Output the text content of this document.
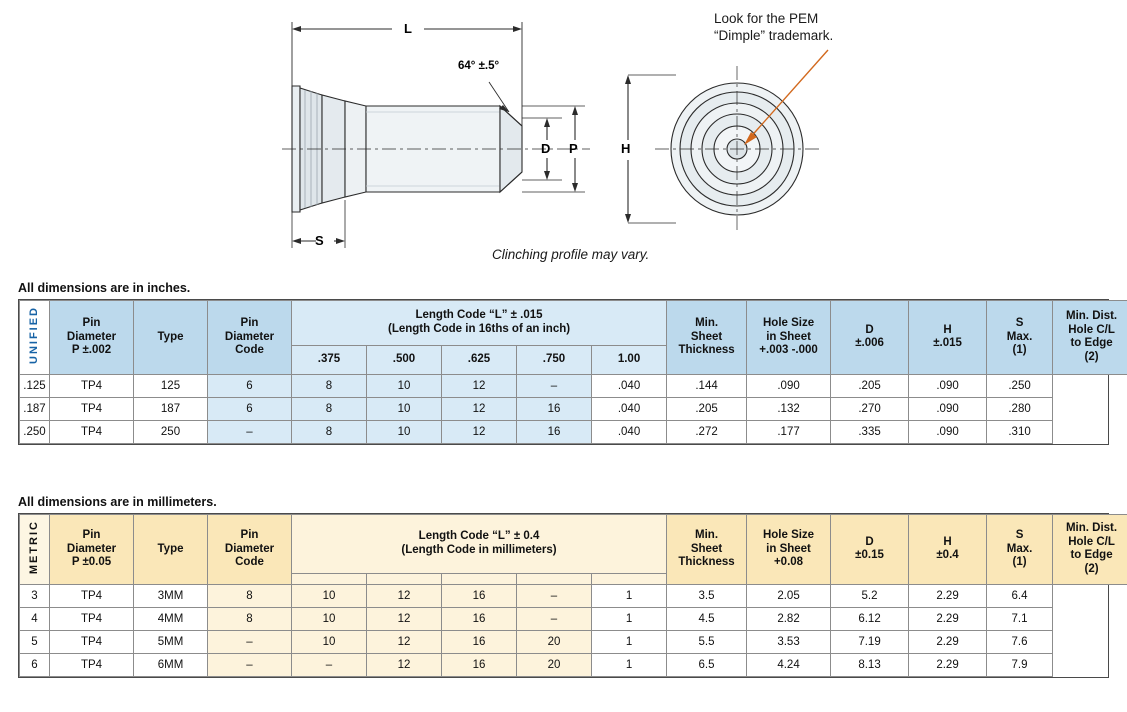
Look for the PEM
“Dimple” trademark.
Clinching profile may vary.
L
64° ±.5°
D P	H
S
All dimensions are in inches.
All dimensions are in millimeters.
UNIFIED	Pin
Diameter
P ±.002
	Type	
Pin
Diameter
Code

Length Code “L” ± .015
(Length Code in 16ths of an inch)	Min.
Sheet
Thickness

Hole Size
in Sheet
+.003 -.000

D
±.006

H
±.015

S
Max.
(1)

Min. Dist.
Hole C/L
to Edge
(2)

				.375	.500	.625	.750	1.00						
.125	TP4	125	6	8	10	12	–	.040	.144	.090	.205	.090	.250	
.187	TP4	187	6	8	10	12	16	.040	.205	.132	.270	.090	.280	
.250	TP4	250	–	8	10	12	16	.040	.272	.177	.335	.090	.310	
METRIC	Pin
Diameter
P ±0.05
	Type	
Pin
Diameter
Code

Length Code “L” ± 0.4
(Length Code in millimeters)

Min.
Sheet
Thickness

Hole Size
in Sheet
+0.08

D
±0.15

H
±0.4

S
Max.
(1)

Min. Dist.
Hole C/L
to Edge
(2)

3	TP4	3MM	8	10	12	16	–	1	3.5	2.05	5.2	2.29	6.4	
4	TP4	4MM	8	10	12	16	–	1	4.5	2.82	6.12	2.29	7.1	
5	TP4	5MM	–	10	12	16	20	1	5.5	3.53	7.19	2.29	7.6	
6	TP4	6MM	–	–	12	16	20	1	6.5	4.24	8.13	2.29	7.9	
